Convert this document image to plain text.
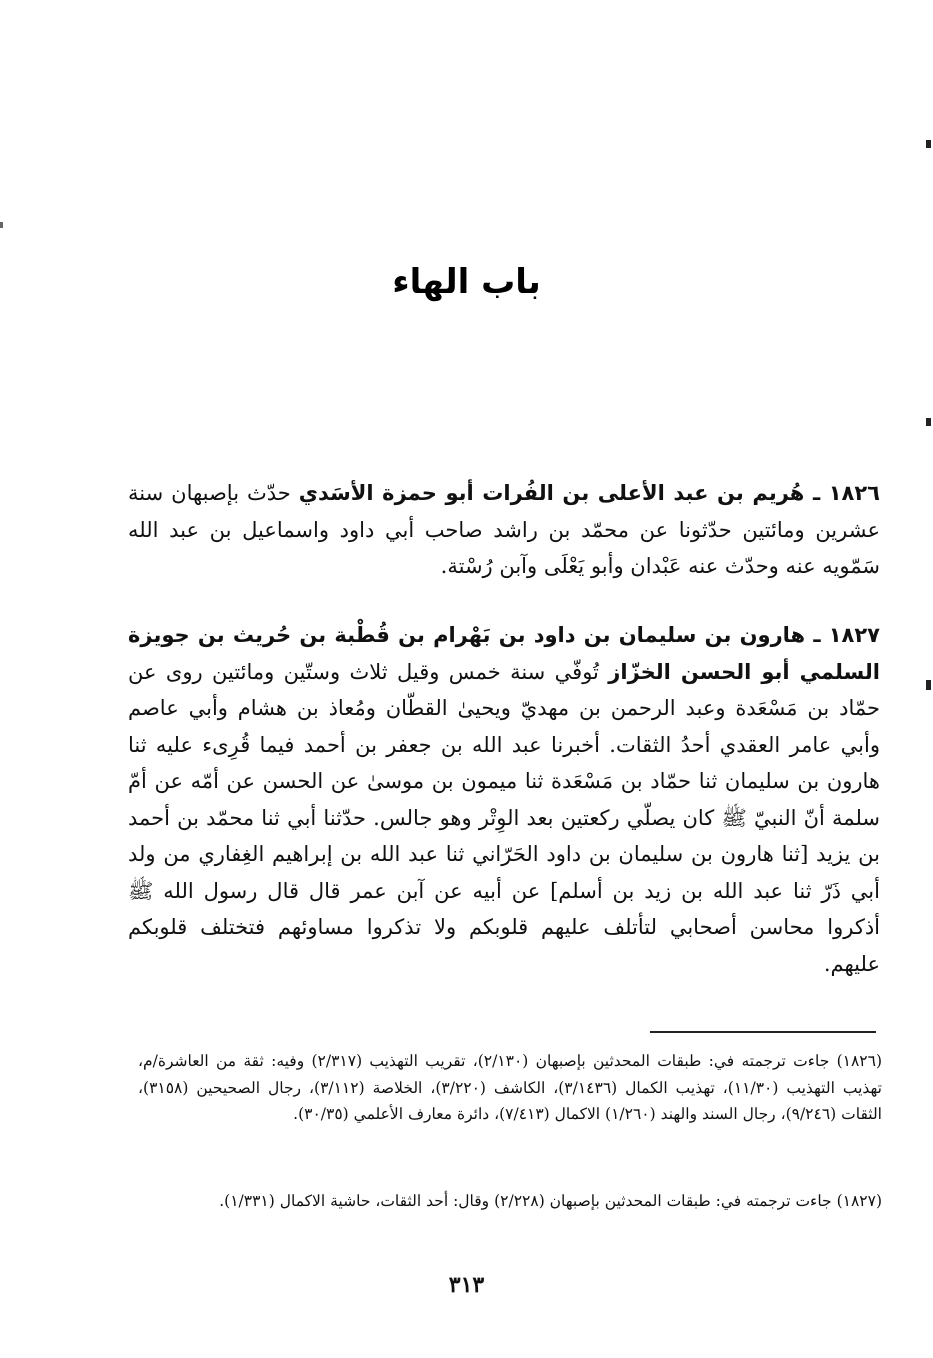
باب الهاء
١٨٢٦ ـ هُريم بن عبد الأعلى بن الفُرات أبو حمزة الأسَدي حدّث بإصبهان سنة عشرين ومائتين حدّثونا عن محمّد بن راشد صاحب أبي داود واسماعيل بن عبد الله سَمّويه عنه وحدّث عنه عَبْدان وأبو يَعْلَى وآبن رُسْتة.
١٨٢٧ ـ هارون بن سليمان بن داود بن بَهْرام بن قُطْبة بن حُريث بن جويزة السلمي أبو الحسن الخزّاز تُوفّي سنة خمس وقيل ثلاث وستّين ومائتين روى عن حمّاد بن مَسْعَدة وعبد الرحمن بن مهديّ ويحيىٰ القطّان ومُعاذ بن هشام وأبي عاصم وأبي عامر العقدي أحدُ الثقات. أخبرنا عبد الله بن جعفر بن أحمد فيما قُرِىء عليه ثنا هارون بن سليمان ثنا حمّاد بن مَسْعَدة ثنا ميمون بن موسىٰ عن الحسن عن أمّه عن أمّ سلمة أنّ النبيّ ﷺ كان يصلّي ركعتين بعد الوِتْر وهو جالس. حدّثنا أبي ثنا محمّد بن أحمد بن يزيد [ثنا هارون بن سليمان بن داود الحَرّاني ثنا عبد الله بن إبراهيم الغِفاري من ولد أبي ذَرّ ثنا عبد الله بن زيد بن أسلم] عن أبيه عن آبن عمر قال قال رسول الله ﷺ أذكروا محاسن أصحابي لتأتلف عليهم قلوبكم ولا تذكروا مساوئهم فتختلف قلوبكم عليهم.
(١٨٢٦) جاءت ترجمته في: طبقات المحدثين بإصبهان (٢/١٣٠)، تقريب التهذيب (٢/٣١٧) وفيه: ثقة من العاشرة/م، تهذيب التهذيب (١١/٣٠)، تهذيب الكمال (٣/١٤٣٦)، الكاشف (٣/٢٢٠)، الخلاصة (٣/١١٢)، رجال الصحيحين (٣١٥٨)، الثقات (٩/٢٤٦)، رجال السند والهند (١/٢٦٠) الاكمال (٧/٤١٣)، دائرة معارف الأعلمي (٣٠/٣٥).
(١٨٢٧) جاءت ترجمته في: طبقات المحدثين بإصبهان (٢/٢٢٨) وقال: أحد الثقات، حاشية الاكمال (١/٣٣١).
٣١٣
